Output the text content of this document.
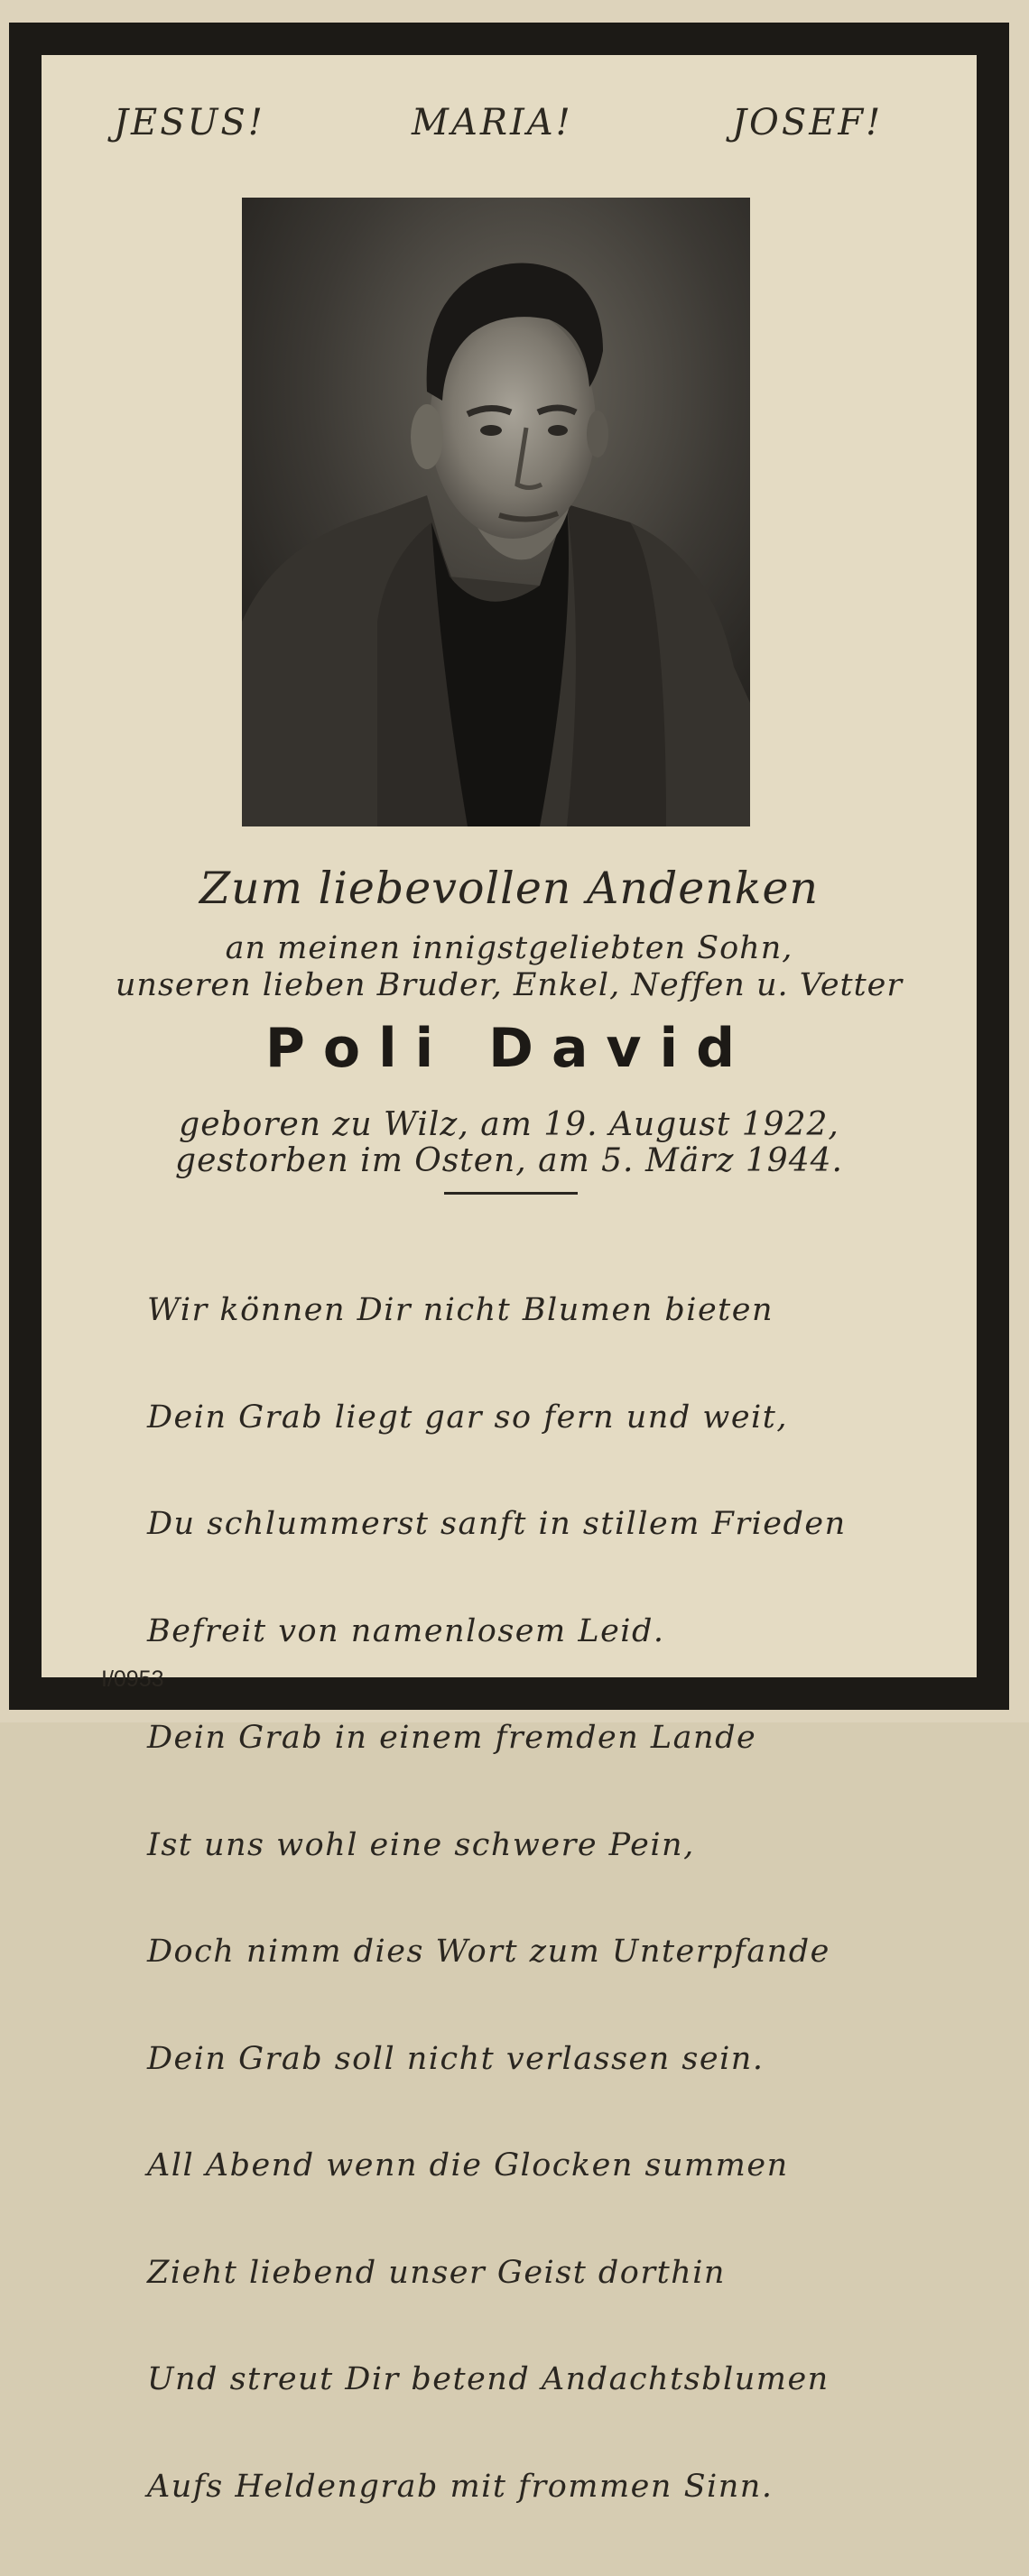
JESUS!	MARIA!	JOSEF!
Zum liebevollen Andenken
an meinen innigstgeliebten Sohn,
unseren lieben Bruder, Enkel, Neffen u. Vetter
Poli David
geboren zu Wilz, am 19. August 1922,
gestorben im Osten, am 5. März 1944.

Wir können Dir nicht Blumen bieten

Dein Grab liegt gar so fern und weit,

Du schlummerst sanft in stillem Frieden

Befreit von namenlosem Leid.

Dein Grab in einem fremden Lande

Ist uns wohl eine schwere Pein,

Doch nimm dies Wort zum Unterpfande

Dein Grab soll nicht verlassen sein.

All Abend wenn die Glocken summen

Zieht liebend unser Geist dorthin

Und streut Dir betend Andachtsblumen

Aufs Heldengrab mit frommen Sinn.

I/0953
